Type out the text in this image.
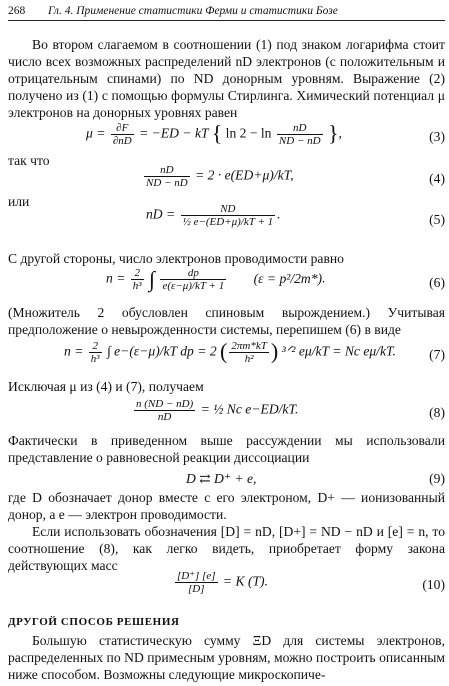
268 Гл. 4. Применение статистики Ферми и статистики Бозе

Во втором слагаемом в соотношении (1) под знаком логарифма стоит число всех возможных распределений nD электронов (с положительным и отрицательным спинами) по ND донорным уровням. Выражение (2) получено из (1) с помощью формулы Стирлинга. Химический потенциал μ электронов на донорных уровнях равен

$\mu = \frac{\partial F}{\partial nD} = -ED$ − kT { $\ln 2 - \ln \frac{nD}{ND - nD}$ },	(3)

так что

$\frac{nD}{ND - nD} = 2 \cdot e(ED+\mu)/kT$,	(4)

или

nD = $\frac{ND}{\text{½ e−(ED+μ)/kT + 1}}$ .	(5)

С другой стороны, число электронов проводимости равно

$n = \frac{2}{\text{h³}}$ ∫ $\frac{dp}{e(\varepsilon-\mu)/kT + 1} (\varepsilon = p^2/2m*)$.	(6)

(Множитель 2 обусловлен спиновым вырождением.) Учитывая предположение о невырожденности системы, перепишем (6) в виде

$n = \frac{2}{\text{h³}}$ ∫ e−(ε−μ)/kT dp = 2 ( $\frac{2\pi m*kT}{\text{h²}}$ ) ³ᐟ² eμ/kT = Nc eμ/kT. (7)

Исключая μ из (4) и (7), получаем

$\frac{n (ND - nD)}{nD}$ = ½ Nc e−ED/kT.	(8)

Фактически в приведенном выше рассуждении мы использовали представление о равновесной реакции диссоциации

D ⇄ D⁺ + e,	(9)

где D обозначает донор вместе с его электроном, D+ — ионизованный донор, а e — электрон проводимости.

Если использовать обозначения [D] = nD, [D+] = ND − nD и [e] = n, то соотношение (8), как легко видеть, приобретает форму закона действующих масс

$\frac{[D^+] [e]}{[D]} = K$ (T).	(10)
ДРУГОЙ СПОСОБ РЕШЕНИЯ

Большую статистическую сумму ΞD для системы электронов, распределенных по ND примесным уровням, можно построить описанным ниже способом. Возможны следующие микроскопиче-
